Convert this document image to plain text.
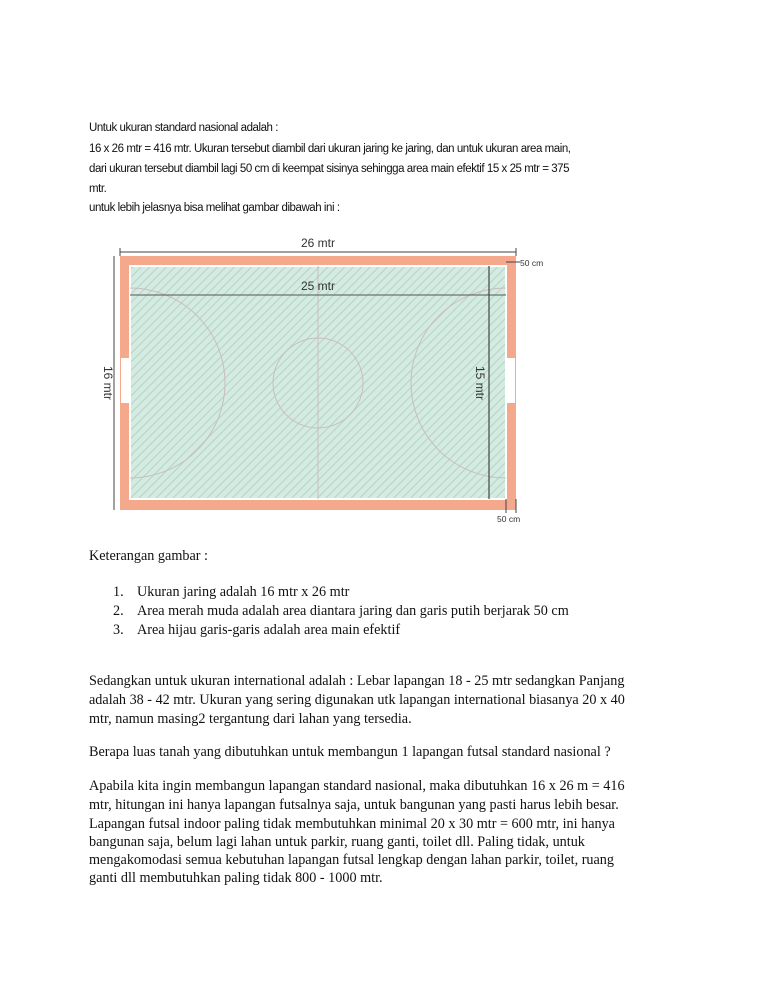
Untuk ukuran standard nasional adalah :
16 x 26 mtr = 416 mtr. Ukuran tersebut diambil dari ukuran jaring ke jaring, dan untuk ukuran area main,
dari ukuran tersebut diambil lagi 50 cm di keempat sisinya sehingga area main efektif 15 x 25 mtr = 375
mtr.
untuk lebih jelasnya bisa melihat gambar dibawah ini :
26 mtr
25 mtr
16 mtr	15 mtr
50 cm
50 cm
Keterangan gambar :
1. Ukuran jaring adalah 16 mtr x 26 mtr
2. Area merah muda adalah area diantara jaring dan garis putih berjarak 50 cm
3. Area hijau garis-garis adalah area main efektif
Sedangkan untuk ukuran international adalah : Lebar lapangan 18 - 25 mtr sedangkan Panjang
adalah 38 - 42 mtr. Ukuran yang sering digunakan utk lapangan international biasanya 20 x 40
mtr, namun masing2 tergantung dari lahan yang tersedia.
Berapa luas tanah yang dibutuhkan untuk membangun 1 lapangan futsal standard nasional ?
Apabila kita ingin membangun lapangan standard nasional, maka dibutuhkan 16 x 26 m = 416
mtr, hitungan ini hanya lapangan futsalnya saja, untuk bangunan yang pasti harus lebih besar.
Lapangan futsal indoor paling tidak membutuhkan minimal 20 x 30 mtr = 600 mtr, ini hanya
bangunan saja, belum lagi lahan untuk parkir, ruang ganti, toilet dll. Paling tidak, untuk
mengakomodasi semua kebutuhan lapangan futsal lengkap dengan lahan parkir, toilet, ruang
ganti dll membutuhkan paling tidak 800 - 1000 mtr.
